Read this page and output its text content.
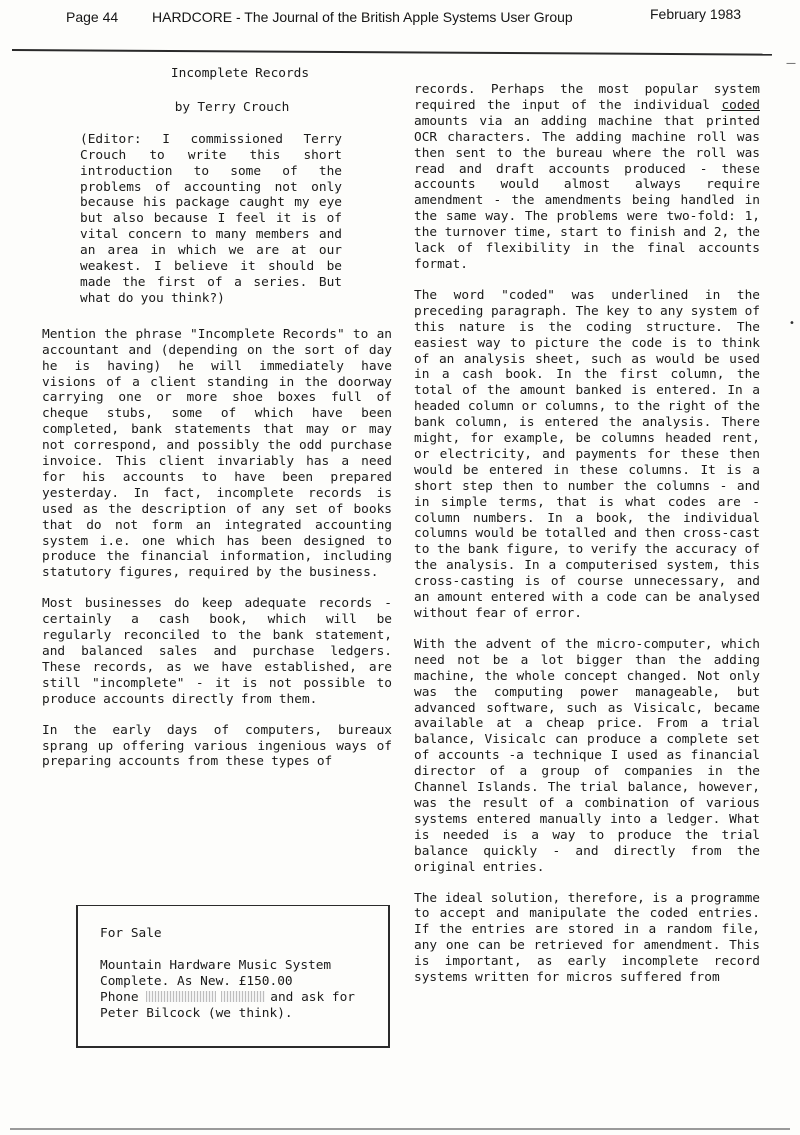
Page 44 HARDCORE - The Journal of the British Apple Systems User Group	February 1983
Incomplete Records
by Terry Crouch
(Editor: I commissioned Terry Crouch to write this short introduction to some of the problems of accounting not only because his package caught my eye but also because I feel it is of vital concern to many members and an area in which we are at our weakest. I believe it should be made the first of a series. But what do you think?)

Mention the phrase "Incomplete Records" to an accountant and (depending on the sort of day he is having) he will immediately have visions of a client standing in the doorway carrying one or more shoe boxes full of cheque stubs, some of which have been completed, bank statements that may or may not correspond, and possibly the odd purchase invoice. This client invariably has a need for his accounts to have been prepared yesterday. In fact, incomplete records is used as the description of any set of books that do not form an integrated accounting system i.e. one which has been designed to produce the financial information, including statutory figures, required by the business.

Most businesses do keep adequate records - certainly a cash book, which will be regularly reconciled to the bank statement, and balanced sales and purchase ledgers. These records, as we have established, are still "incomplete" - it is not possible to produce accounts directly from them.

In the early days of computers, bureaux sprang up offering various ingenious ways of preparing accounts from these types of

records. Perhaps the most popular system required the input of the individual coded amounts via an adding machine that printed OCR characters. The adding machine roll was then sent to the bureau where the roll was read and draft accounts produced - these accounts would almost always require amendment - the amendments being handled in the same way. The problems were two-fold: 1, the turnover time, start to finish and 2, the lack of flexibility in the final accounts format.

The word "coded" was underlined in the preceding paragraph. The key to any system of this nature is the coding structure. The easiest way to picture the code is to think of an analysis sheet, such as would be used in a cash book. In the first column, the total of the amount banked is entered. In a headed column or columns, to the right of the bank column, is entered the analysis. There might, for example, be columns headed rent, or electricity, and payments for these then would be entered in these columns. It is a short step then to number the columns - and in simple terms, that is what codes are - column numbers. In a book, the individual columns would be totalled and then cross-cast to the bank figure, to verify the accuracy of the analysis. In a computerised system, this cross-casting is of course unnecessary, and an amount entered with a code can be analysed without fear of error.

With the advent of the micro-computer, which need not be a lot bigger than the adding machine, the whole concept changed. Not only was the computing power manageable, but advanced software, such as Visicalc, became available at a cheap price. From a trial balance, Visicalc can produce a complete set of accounts -a technique I used as financial director of a group of companies in the Channel Islands. The trial balance, however, was the result of a combination of various systems entered manually into a ledger. What is needed is a way to produce the trial balance quickly - and directly from the original entries.

The ideal solution, therefore, is a programme to accept and manipulate the coded entries. If the entries are stored in a random file, any one can be retrieved for amendment. This is important, as early incomplete record systems written for micros suffered from

For Sale
Mountain Hardware Music System
Complete. As New. £150.00
Phone	and ask for
Peter Bilcock (we think).
—
•
